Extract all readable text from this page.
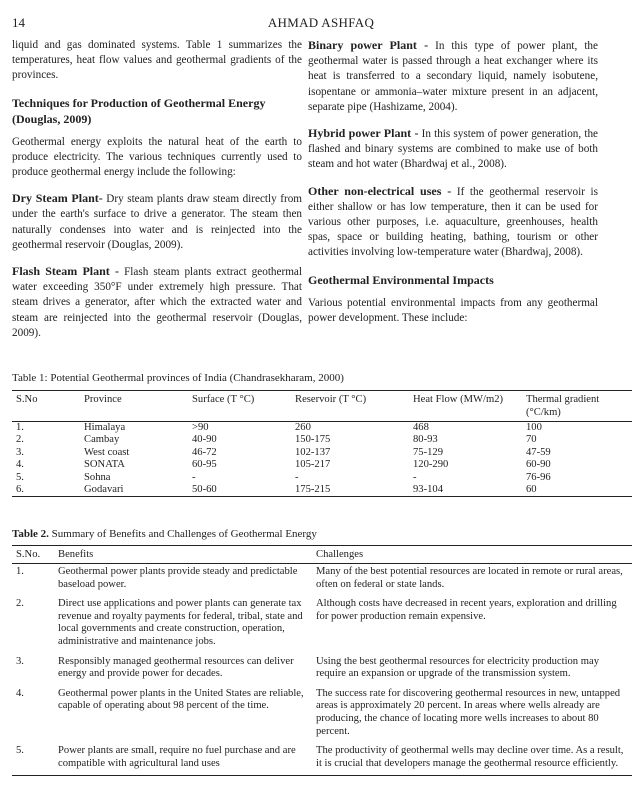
14	AHMAD ASHFAQ

liquid and gas dominated systems. Table 1 summarizes the temperatures, heat flow values and geothermal gradients of the provinces.

Techniques for Production of Geothermal Energy (Douglas, 2009)

Geothermal energy exploits the natural heat of the earth to produce electricity. The various techniques currently used to produce geothermal energy include the following:

Dry Steam Plant- Dry steam plants draw steam directly from under the earth's surface to drive a generator. The steam then naturally condenses into water and is reinjected into the geothermal reservoir (Douglas, 2009).

Flash Steam Plant - Flash steam plants extract geothermal water exceeding 350°F under extremely high pressure. That steam drives a generator, after which the extracted water and steam are reinjected into the geothermal reservoir (Douglas, 2009).

Binary power Plant - In this type of power plant, the geothermal water is passed through a heat exchanger where its heat is transferred to a secondary liquid, namely isobutene, isopentane or ammonia–water mixture present in an adjacent, separate pipe (Hashizame, 2004).

Hybrid power Plant - In this system of power generation, the flashed and binary systems are combined to make use of both steam and hot water (Bhardwaj et al., 2008).

Other non-electrical uses - If the geothermal reservoir is either shallow or has low temperature, then it can be used for various other purposes, i.e. aquaculture, greenhouses, health spas, space or building heating, bathing, tourism or other activities involving low-temperature water (Bhardwaj, 2008).

Geothermal Environmental Impacts

Various potential environmental impacts from any geothermal power development. These include:

Table 1: Potential Geothermal provinces of India (Chandrasekharam, 2000)
S.No	Province	Surface (T °C)	Reservoir (T °C)	Heat Flow (MW/m2)	Thermal gradient (°C/km)
1.	Himalaya	>90	260	468	100
2.	Cambay	40-90	150-175	80-93	70
3.	West coast	46-72	102-137	75-129	47-59
4.	SONATA	60-95	105-217	120-290	60-90
5.	Sohna	-	-	-	76-96
6.	Godavari	50-60	175-215	93-104	60
Table 2. Summary of Benefits and Challenges of Geothermal Energy
S.No.	Benefits	Challenges
1.	Geothermal power plants provide steady and predictable baseload power.	Many of the best potential resources are located in remote or rural areas, often on federal or state lands.
2.	Direct use applications and power plants can generate tax revenue and royalty payments for federal, tribal, state and local governments and create construction, operation, administrative and maintenance jobs.	Although costs have decreased in recent years, exploration and drilling for power production remain expensive.
3.	Responsibly managed geothermal resources can deliver energy and provide power for decades.	Using the best geothermal resources for electricity production may require an expansion or upgrade of the transmission system.
4.	Geothermal power plants in the United States are reliable, capable of operating about 98 percent of the time.	The success rate for discovering geothermal resources in new, untapped areas is approximately 20 percent. In areas where wells already are producing, the chance of locating more wells increases to about 80 percent.
5.	Power plants are small, require no fuel purchase and are compatible with agricultural land uses	The productivity of geothermal wells may decline over time. As a result, it is crucial that developers manage the geothermal resource efficiently.
